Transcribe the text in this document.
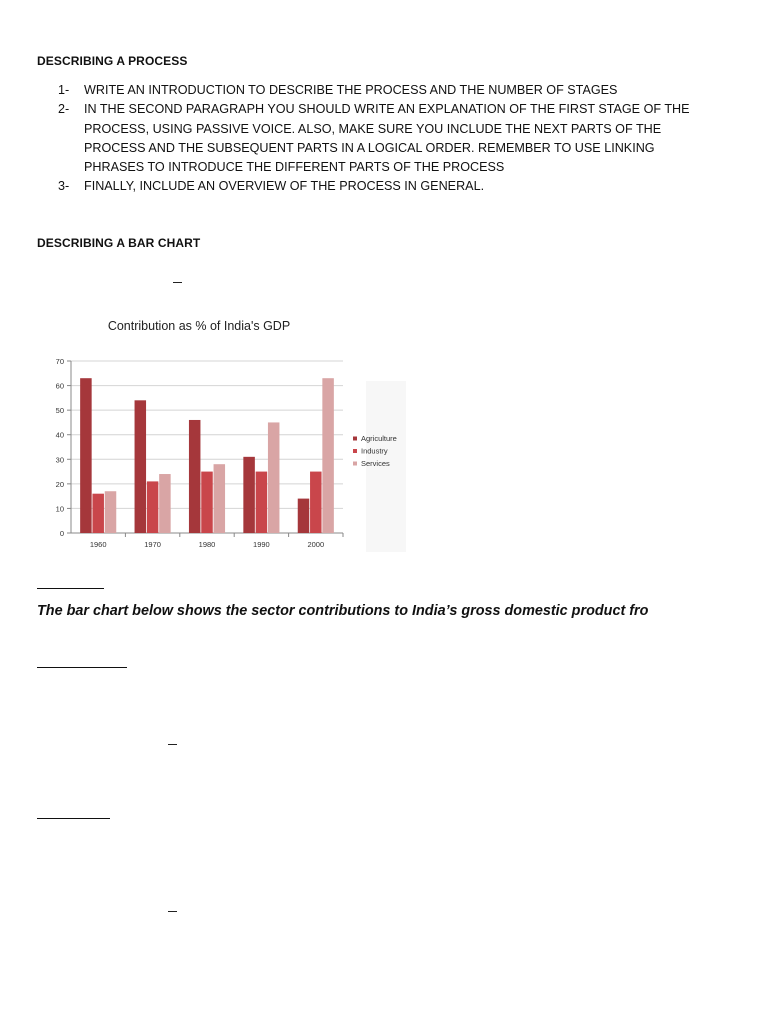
DESCRIBING A PROCESS
1-	WRITE AN INTRODUCTION TO DESCRIBE THE PROCESS AND THE NUMBER OF STAGES
2-	IN THE SECOND PARAGRAPH YOU SHOULD WRITE AN EXPLANATION OF THE FIRST STAGE OF THE PROCESS, USING PASSIVE VOICE. ALSO, MAKE SURE YOU INCLUDE THE NEXT PARTS OF THE PROCESS AND THE SUBSEQUENT PARTS IN A LOGICAL ORDER. REMEMBER TO USE LINKING PHRASES TO INTRODUCE THE DIFFERENT PARTS OF THE PROCESS
3-	FINALLY, INCLUDE AN OVERVIEW OF THE PROCESS IN GENERAL.
DESCRIBING A BAR CHART
Contribution as % of India's GDP
0
10
20
30
40
50
60
70
1960	1970	1980	1990	2000
Agriculture
Industry
Services
The bar chart below shows the sector contributions to India’s gross domestic product fro
